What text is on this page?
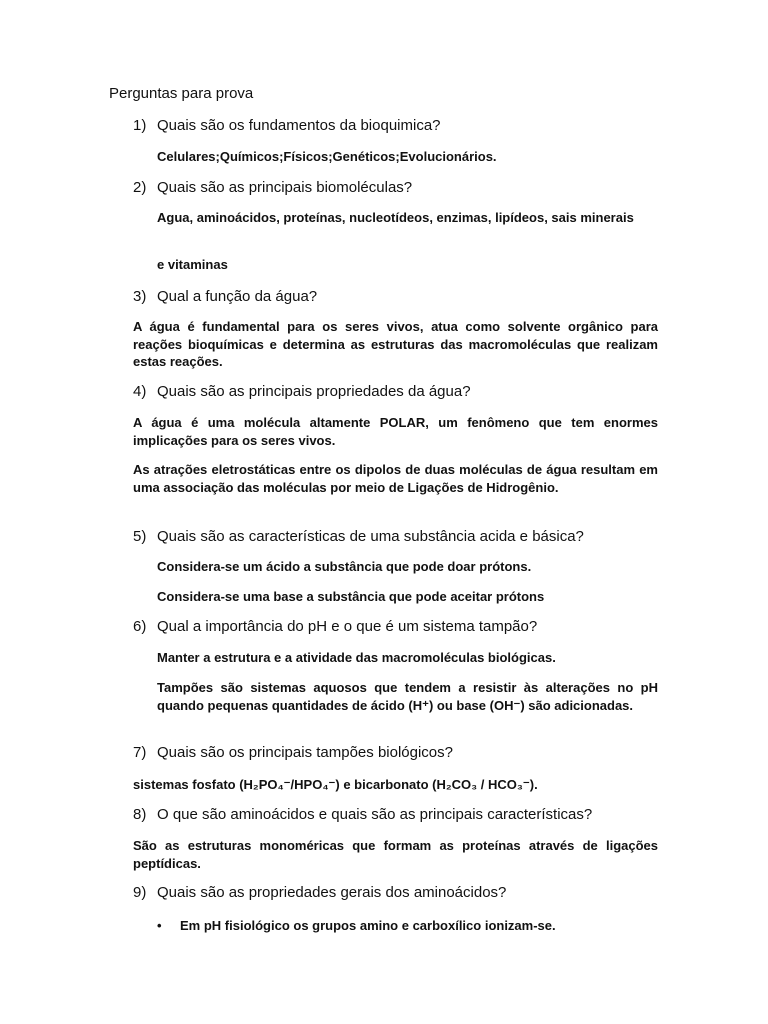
Perguntas para prova
1) Quais são os fundamentos da bioquimica?
Celulares;Químicos;Físicos;Genéticos;Evolucionários.
2) Quais são as principais biomoléculas?
Agua, aminoácidos, proteínas, nucleotídeos, enzimas, lipídeos, sais minerais
e vitaminas
3) Qual a função da água?
A água é fundamental para os seres vivos, atua como solvente orgânico para reações bioquímicas e determina as estruturas das macromoléculas que realizam estas reações.
4) Quais são as principais propriedades da água?
A água é uma molécula altamente POLAR, um fenômeno que tem enormes implicações para os seres vivos.
As atrações eletrostáticas entre os dipolos de duas moléculas de água resultam em uma associação das moléculas por meio de Ligações de Hidrogênio.
5) Quais são as características de uma substância acida e básica?
Considera-se um ácido a substância que pode doar prótons.
Considera-se uma base a substância que pode aceitar prótons
6) Qual a importância do pH e o que é um sistema tampão?
Manter a estrutura e a atividade das macromoléculas biológicas.
Tampões são sistemas aquosos que tendem a resistir às alterações no pH quando pequenas quantidades de ácido (H⁺) ou base (OH⁻) são adicionadas.
7) Quais são os principais tampões biológicos?
sistemas fosfato (H₂PO₄⁻/HPO₄⁻) e bicarbonato (H₂CO₃ / HCO₃⁻).
8) O que são aminoácidos e quais são as principais características?
São as estruturas monoméricas que formam as proteínas através de ligações peptídicas.
9) Quais são as propriedades gerais dos aminoácidos?
• Em pH fisiológico os grupos amino e carboxílico ionizam-se.
